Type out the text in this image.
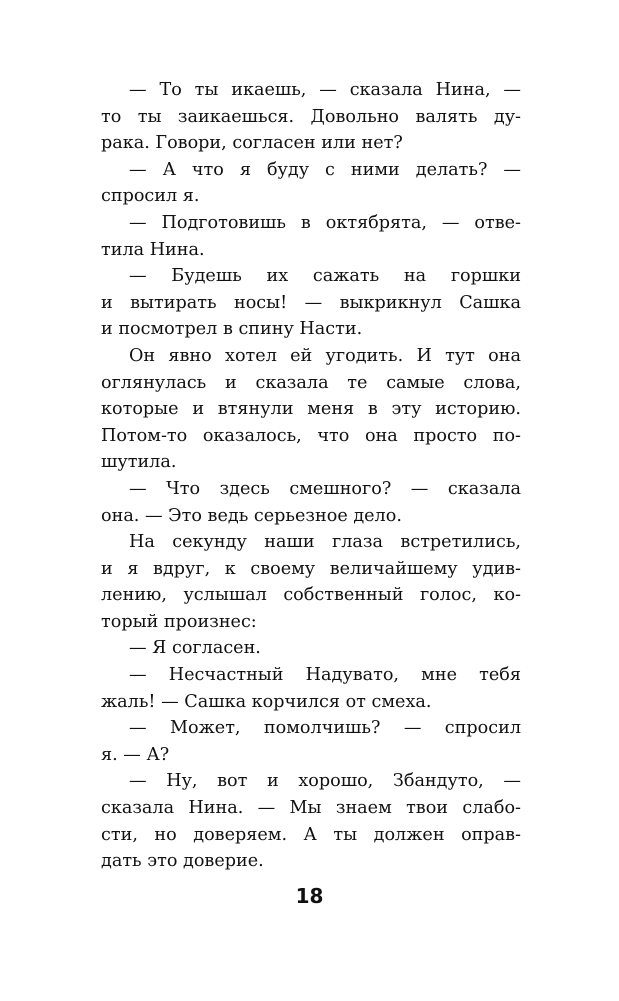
— То ты икаешь, — сказала Нина, —
то ты заикаешься. Довольно валять ду-
рака. Говори, согласен или нет?
— А что я буду с ними делать? —
спросил я.
— Подготовишь в октябрята, — отве-
тила Нина.
— Будешь их сажать на горшки
и вытирать носы! — выкрикнул Сашка
и посмотрел в спину Насти.
Он явно хотел ей угодить. И тут она
оглянулась и сказала те самые слова,
которые и втянули меня в эту историю.
Потом-то оказалось, что она просто по-
шутила.
— Что здесь смешного? — сказала
она. — Это ведь серьезное дело.
На секунду наши глаза встретились,
и я вдруг, к своему величайшему удив-
лению, услышал собственный голос, ко-
торый произнес:
— Я согласен.
— Несчастный Надувато, мне тебя
жаль! — Сашка корчился от смеха.
— Может, помолчишь? — спросил
я. — А?
— Ну, вот и хорошо, Збандуто, —
сказала Нина. — Мы знаем твои слабо-
сти, но доверяем. А ты должен оправ-
дать это доверие.
18
